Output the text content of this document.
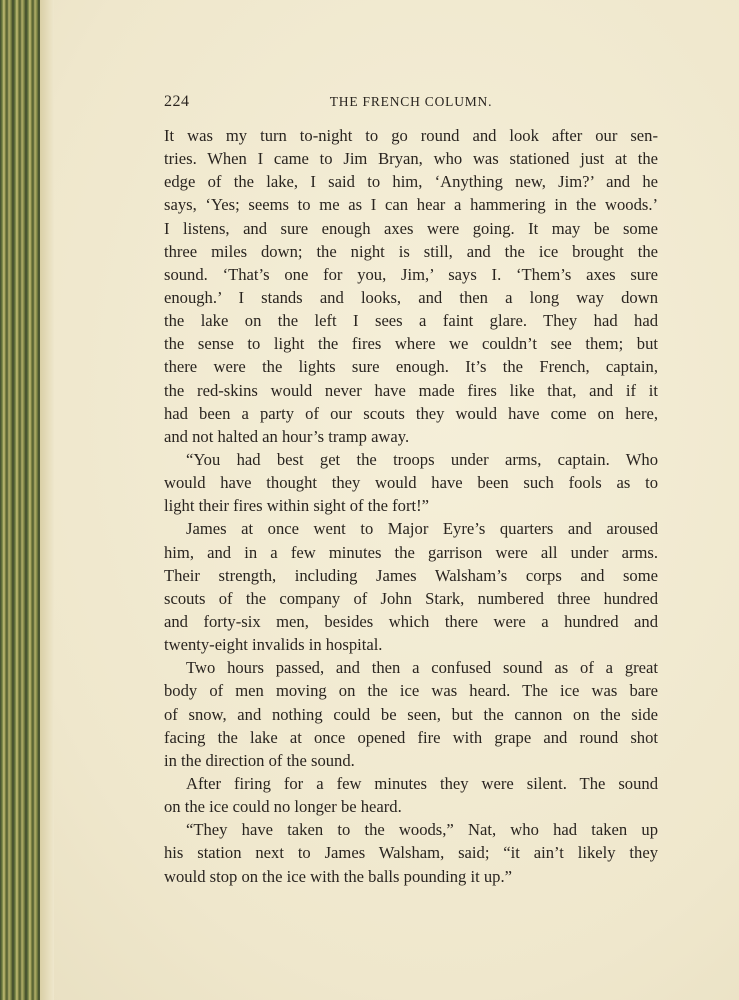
224	THE FRENCH COLUMN.
It was my turn to-night to go round and look after our sen-
tries. When I came to Jim Bryan, who was stationed just at the
edge of the lake, I said to him, ‘Anything new, Jim?’ and he
says, ‘Yes; seems to me as I can hear a hammering in the woods.’
I listens, and sure enough axes were going. It may be some
three miles down; the night is still, and the ice brought the
sound. ‘That’s one for you, Jim,’ says I. ‘Them’s axes sure
enough.’ I stands and looks, and then a long way down
the lake on the left I sees a faint glare. They had had
the sense to light the fires where we couldn’t see them; but
there were the lights sure enough. It’s the French, captain,
the red-skins would never have made fires like that, and if it
had been a party of our scouts they would have come on here,
and not halted an hour’s tramp away.
“You had best get the troops under arms, captain. Who
would have thought they would have been such fools as to
light their fires within sight of the fort!”
James at once went to Major Eyre’s quarters and aroused
him, and in a few minutes the garrison were all under arms.
Their strength, including James Walsham’s corps and some
scouts of the company of John Stark, numbered three hundred
and forty-six men, besides which there were a hundred and
twenty-eight invalids in hospital.
Two hours passed, and then a confused sound as of a great
body of men moving on the ice was heard. The ice was bare
of snow, and nothing could be seen, but the cannon on the side
facing the lake at once opened fire with grape and round shot
in the direction of the sound.
After firing for a few minutes they were silent. The sound
on the ice could no longer be heard.
“They have taken to the woods,” Nat, who had taken up
his station next to James Walsham, said; “it ain’t likely they
would stop on the ice with the balls pounding it up.”
